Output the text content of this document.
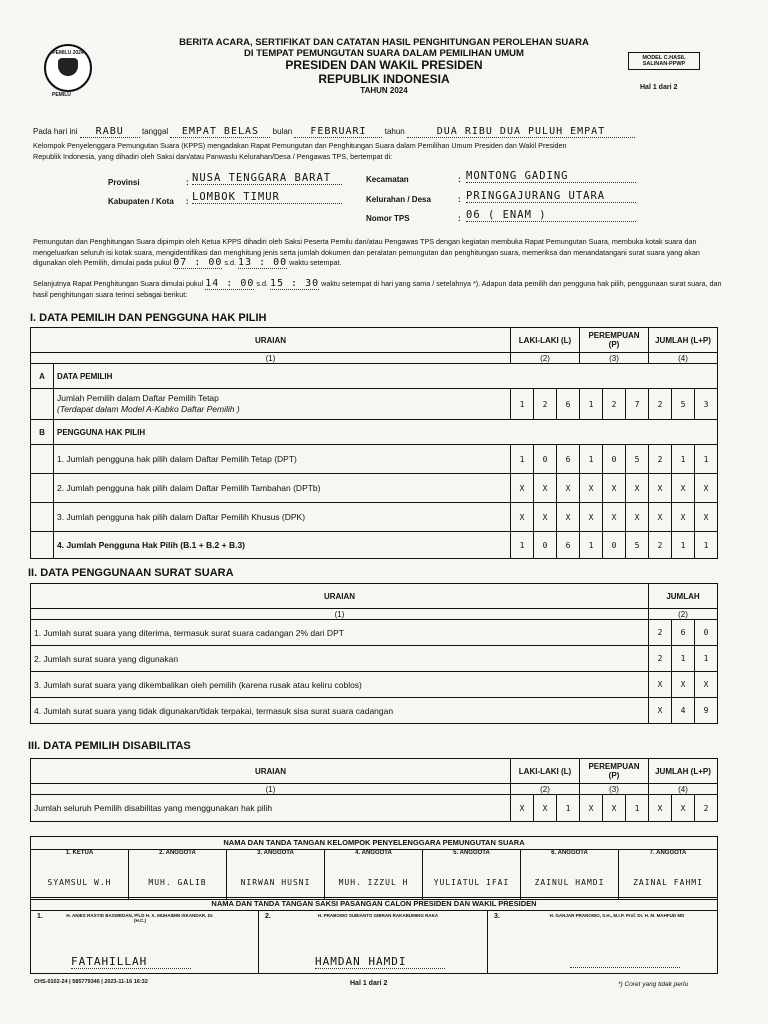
PEMILU 2024
PEMILU
BERITA ACARA, SERTIFIKAT DAN CATATAN HASIL PENGHITUNGAN PEROLEHAN SUARA
DI TEMPAT PEMUNGUTAN SUARA DALAM PEMILIHAN UMUM
PRESIDEN DAN WAKIL PRESIDEN
REPUBLIK INDONESIA
TAHUN 2024
MODEL C.HASIL SALINAN-PPWP
Hal 1 dari 2
Pada hari ini RABU tanggal EMPAT BELAS bulan FEBRUARI tahun	DUA RIBU DUA PULUH EMPAT
Kelompok Penyelenggara Pemungutan Suara (KPPS) mengadakan Rapat Pemungutan dan Penghitungan Suara dalam Pemilihan Umum Presiden dan Wakil Presiden
Republik Indonesia, yang dihadiri oleh Saksi dan/atau Panwaslu Kelurahan/Desa / Pengawas TPS, bertempat di:
Provinsi	: NUSA TENGGARA BARAT
Kabupaten / Kota : LOMBOK TIMUR
Kecamatan	: MONTONG GADING
Kelurahan / Desa	: PRINGGAJURANG UTARA
Nomor TPS	: 06 ( ENAM )
Pemungutan dan Penghitungan Suara dipimpin oleh Ketua KPPS dihadiri oleh Saksi Peserta Pemilu dan/atau Pengawas TPS dengan kegiatan membuka Rapat Pemungutan Suara, membuka kotak suara dan mengeluarkan seluruh isi kotak suara, mengidentifikasi dan menghitung jenis serta jumlah dokumen dan peralatan pemungutan dan penghitungan suara, memeriksa dan menandatangani surat suara yang akan digunakan oleh Pemilih, dimulai pada pukul 07 : 00 s.d. 13 : 00 waktu setempat.
Selanjutnya Rapat Penghitungan Suara dimulai pukul 14 : 00 s.d. 15 : 30 waktu setempat di hari yang sama / setelahnya *). Adapun data pemilih dan pengguna hak pilih, penggunaan surat suara, dan hasil penghitungan suara terinci sebagai berikut:
I. DATA PEMILIH DAN PENGGUNA HAK PILIH
URAIAN		LAKI-LAKI (L)			PEREMPUAN (P)			JUMLAH (L+P)		
(1)		(2)			(3)			(4)		
A	DATA PEMILIH									
	Jumlah Pemilih dalam Daftar Pemilih Tetap
(Terdapat dalam Model A-Kabko Daftar Pemilih )	1	2	6	1	2	7	2	5	3
B	PENGGUNA HAK PILIH									
	1. Jumlah pengguna hak pilih dalam Daftar Pemilih Tetap (DPT)	1	0	6	1	0	5	2	1	1
	2. Jumlah pengguna hak pilih dalam Daftar Pemilih Tambahan (DPTb)	X	X	X	X	X	X	X	X	X
	3. Jumlah pengguna hak pilih dalam Daftar Pemilih Khusus (DPK)	X	X	X	X	X	X	X	X	X
	4. Jumlah Pengguna Hak Pilih (B.1 + B.2 + B.3)	1	0	6	1	0	5	2	1	1
II. DATA PENGGUNAAN SURAT SUARA
URAIAN	JUMLAH		
(1)	(2)		
1. Jumlah surat suara yang diterima, termasuk surat suara cadangan 2% dari DPT	2	6	0
2. Jumlah surat suara yang digunakan	2	1	1
3. Jumlah surat suara yang dikembalikan oleh pemilih (karena rusak atau keliru coblos)	X	X	X
4. Jumlah surat suara yang tidak digunakan/tidak terpakai, termasuk sisa surat suara cadangan	X	4	9
III. DATA PEMILIH DISABILITAS
URAIAN	LAKI-LAKI (L)			PEREMPUAN (P)			JUMLAH (L+P)		
(1)	(2)			(3)			(4)		
Jumlah seluruh Pemilih disabilitas yang menggunakan hak pilih	X	X	1	X	X	1	X	X	2
NAMA DAN TANDA TANGAN KELOMPOK PENYELENGGARA PEMUNGUTAN SUARA
1. KETUA
SYAMSUL W.H
2. ANGGOTA
MUH. GALIB
3. ANGGOTA
NIRWAN HUSNI
4. ANGGOTA
MUH. IZZUL H
5. ANGGOTA
YULIATUL IFAI
6. ANGGOTA
ZAINUL HAMDI
7. ANGGOTA
ZAINAL FAHMI
NAMA DAN TANDA TANGAN SAKSI PASANGAN CALON PRESIDEN DAN WAKIL PRESIDEN
1.	H. ANIES RASYID BASWEDAN, Ph.D H. A. MUHAIMIN ISKANDAR, Dr. (H.C.)
FATAHILLAH
2.	H. PRABOWO SUBIANTO GIBRAN RAKABUMING RAKA
HAMDAN HAMDI
3.	H. GANJAR PRANOWO, S.H., M.I.P. Prof. Dr. H. M. MAHFUD MD
CHS-0102-24 | 585779346 | 2023-11-16 16:32	Hal 1 dari 2	*) Coret yang tidak perlu
